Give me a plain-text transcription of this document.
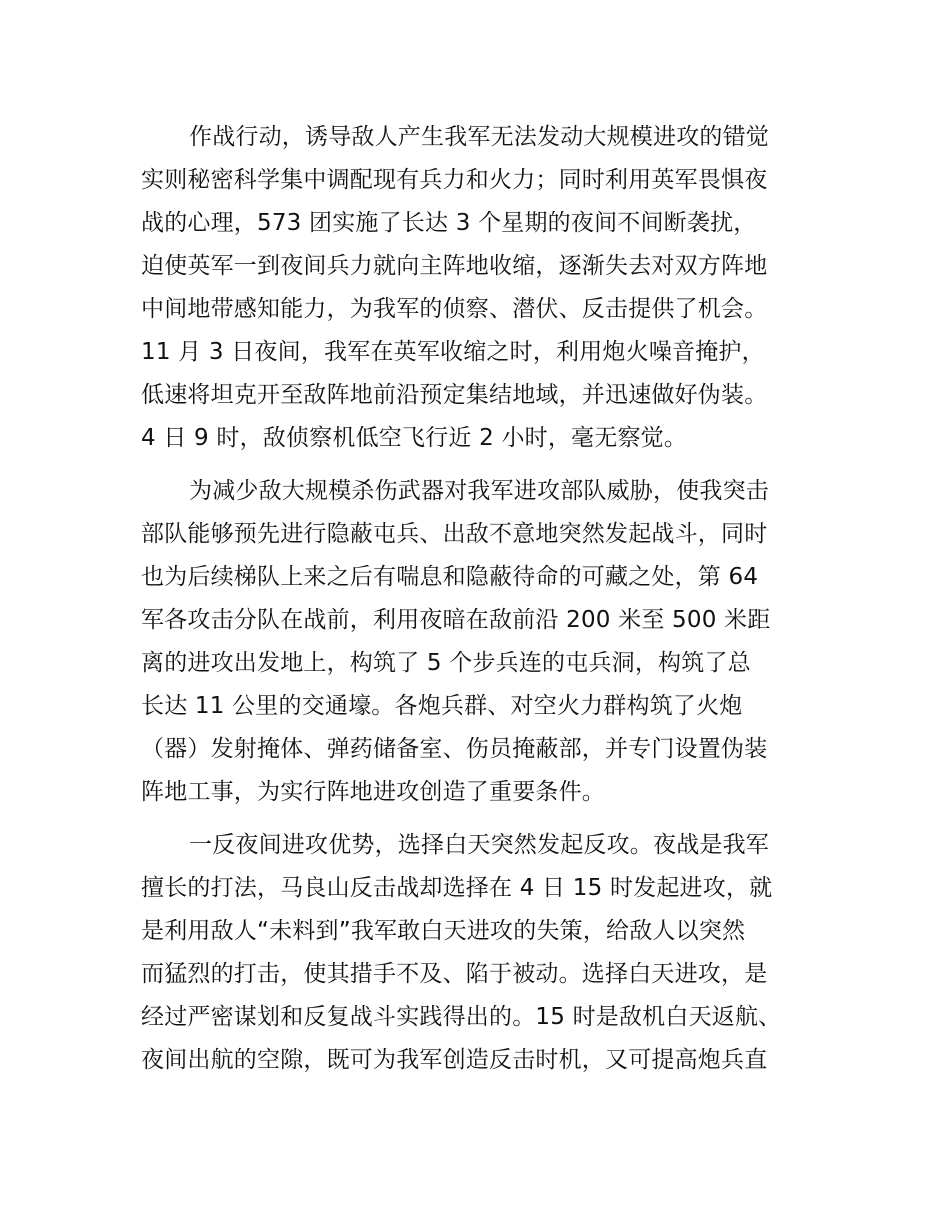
作战行动，诱导敌人产生我军无法发动大规模进攻的错觉
实则秘密科学集中调配现有兵力和火力；同时利用英军畏惧夜
战的心理，573 团实施了长达 3 个星期的夜间不间断袭扰，
迫使英军一到夜间兵力就向主阵地收缩，逐渐失去对双方阵地
中间地带感知能力，为我军的侦察、潜伏、反击提供了机会。
11 月 3 日夜间，我军在英军收缩之时，利用炮火噪音掩护，
低速将坦克开至敌阵地前沿预定集结地域，并迅速做好伪装。
4 日 9 时，敌侦察机低空飞行近 2 小时，毫无察觉。
为减少敌大规模杀伤武器对我军进攻部队威胁，使我突击
部队能够预先进行隐蔽屯兵、出敌不意地突然发起战斗，同时
也为后续梯队上来之后有喘息和隐蔽待命的可藏之处，第 64
军各攻击分队在战前，利用夜暗在敌前沿 200 米至 500 米距
离的进攻出发地上，构筑了 5 个步兵连的屯兵洞，构筑了总
长达 11 公里的交通壕。各炮兵群、对空火力群构筑了火炮
（器）发射掩体、弹药储备室、伤员掩蔽部，并专门设置伪装
阵地工事，为实行阵地进攻创造了重要条件。
一反夜间进攻优势，选择白天突然发起反攻。夜战是我军
擅长的打法，马良山反击战却选择在 4 日 15 时发起进攻，就
是利用敌人“未料到”我军敢白天进攻的失策，给敌人以突然
而猛烈的打击，使其措手不及、陷于被动。选择白天进攻，是
经过严密谋划和反复战斗实践得出的。15 时是敌机白天返航、
夜间出航的空隙，既可为我军创造反击时机，又可提高炮兵直
